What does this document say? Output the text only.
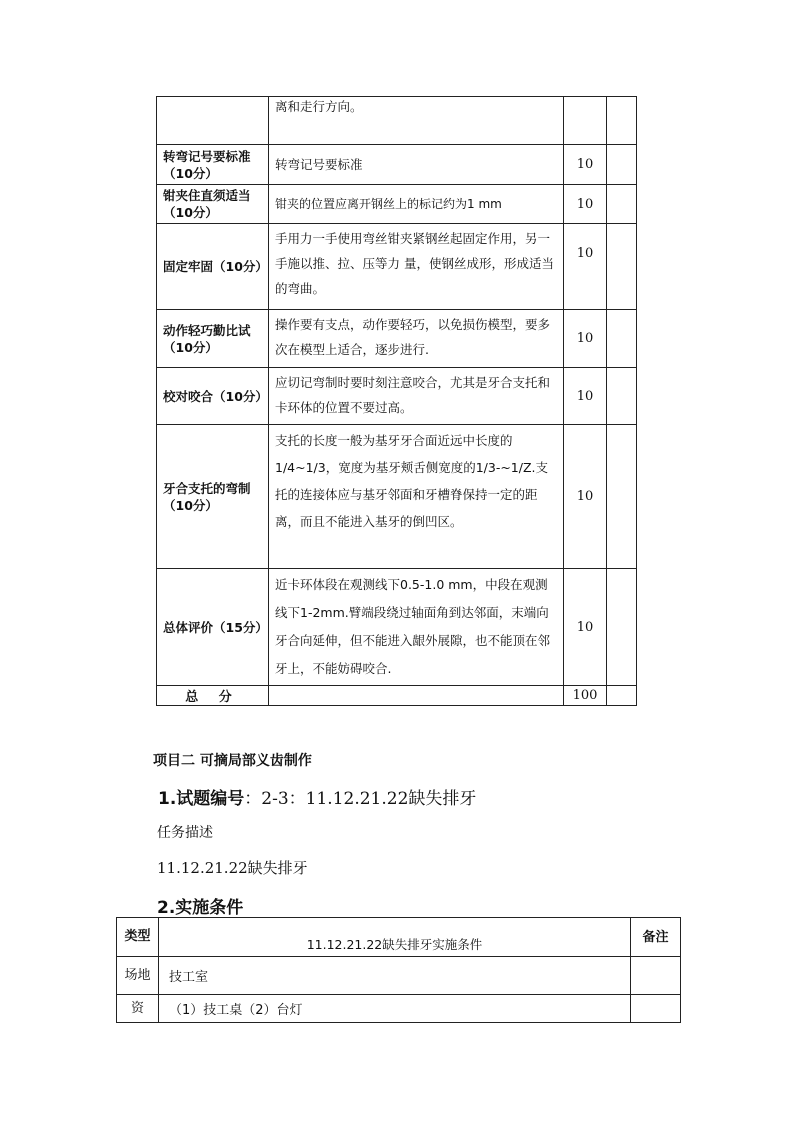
	离和走行方向。		
转弯记号要标准（10分）	转弯记号要标准	10	
钳夹住直须适当（10分）	钳夹的位置应离开钢丝上的标记约为1 mm	10	
固定牢固（10分）	手用力一手使用弯丝钳夹紧钢丝起固定作用，另一手施以推、拉、压等力 量，使钢丝成形，形成适当的弯曲。	10	
动作轻巧勤比试（10分）	操作要有支点，动作要轻巧，以免损伤模型，要多次在模型上适合，逐步进行.	10	
校对咬合（10分）	应切记弯制时要时刻注意咬合，尤其是牙合支托和卡环体的位置不要过高。	10	
牙合支托的弯制（10分）	支托的长度一般为基牙牙合面近远中长度的1/4~1/3，宽度为基牙颊舌侧宽度的1/3-~1/Z.支托的连接体应与基牙邻面和牙槽脊保持一定的距离，而且不能进入基牙的倒凹区。	10	
总体评价（15分）	近卡环体段在观测线下0.5-1.0 mm，中段在观测线下1-2mm.臂端段绕过轴面角到达邻面，末端向牙合向延伸，但不能进入龈外展隙，也不能顶在邻牙上，不能妨碍咬合.	10	
总 分		100	
项目二 可摘局部义齿制作
1.试题编号：2-3：11.12.21.22缺失排牙
任务描述
11.12.21.22缺失排牙
2.实施条件
类型	11.12.21.22缺失排牙实施条件	备注
场地	技工室	
资	（1）技工桌（2）台灯	
